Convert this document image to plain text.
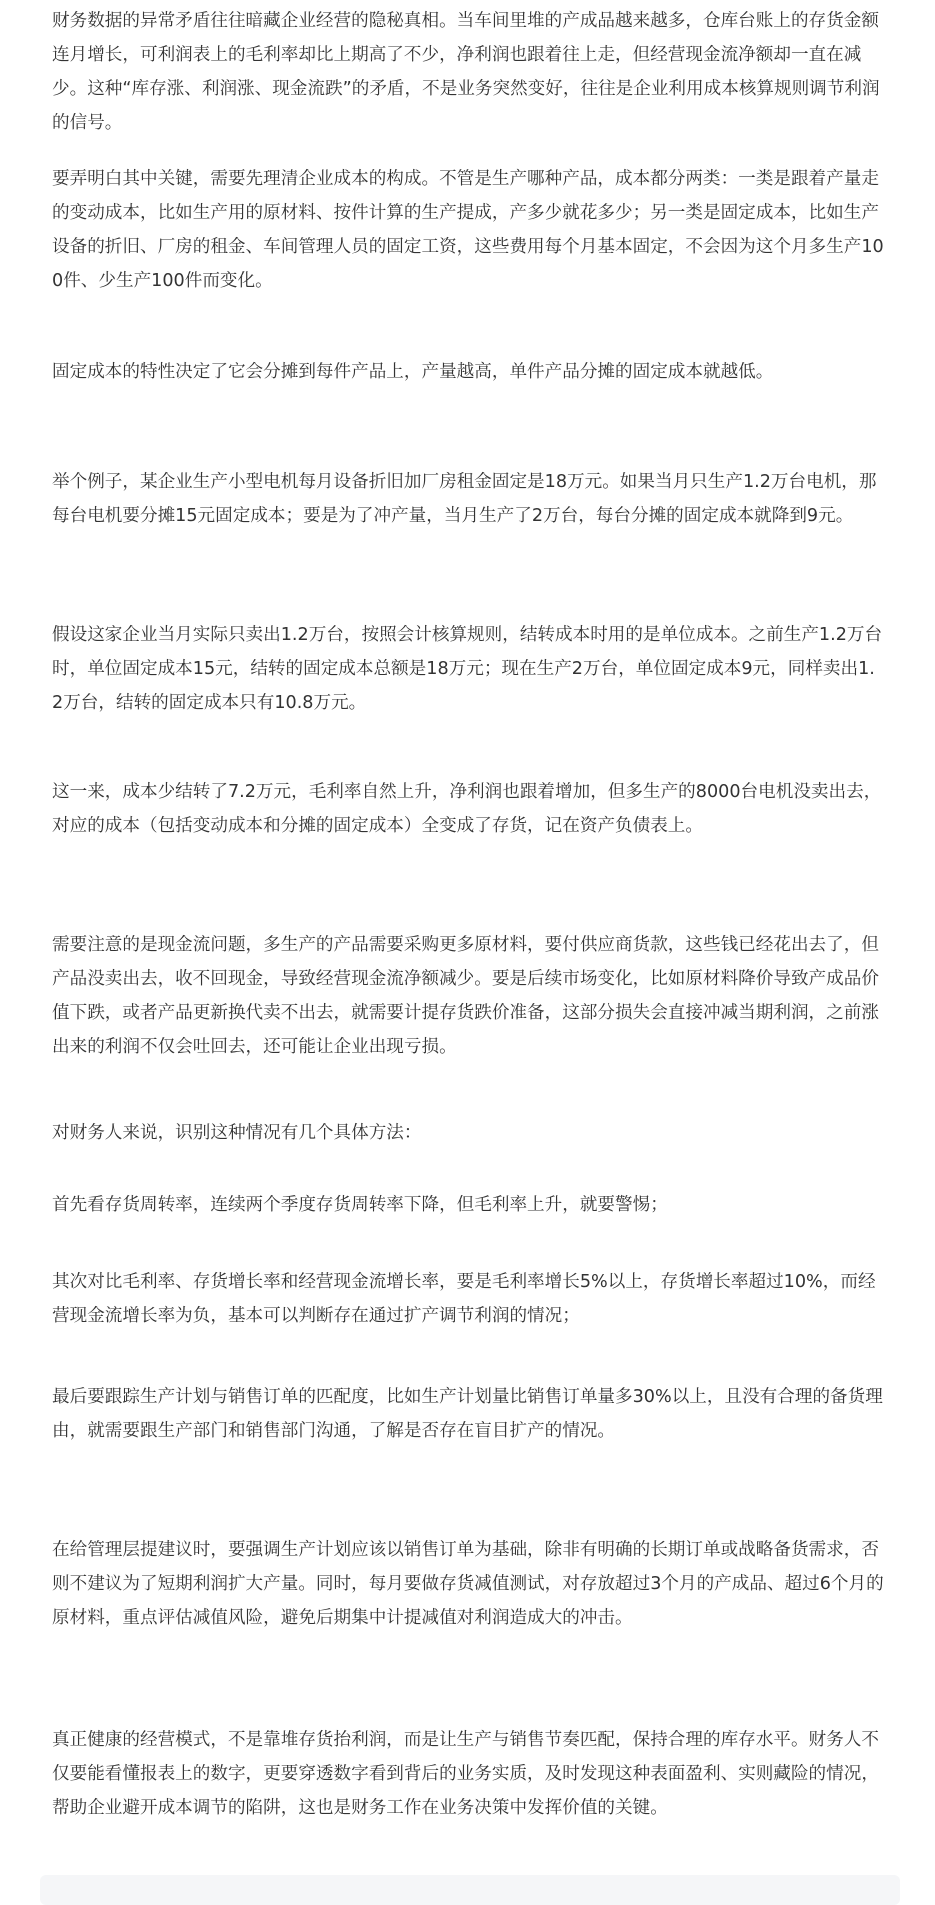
财务数据的异常矛盾往往暗藏企业经营的隐秘真相。当车间里堆的产成品越来越多，仓库台账上的存货金额连月增长，可利润表上的毛利率却比上期高了不少，净利润也跟着往上走，但经营现金流净额却一直在减少。这种“库存涨、利润涨、现金流跌”的矛盾，不是业务突然变好，往往是企业利用成本核算规则调节利润的信号。

要弄明白其中关键，需要先理清企业成本的构成。不管是生产哪种产品，成本都分两类：一类是跟着产量走的变动成本，比如生产用的原材料、按件计算的生产提成，产多少就花多少；另一类是固定成本，比如生产设备的折旧、厂房的租金、车间管理人员的固定工资，这些费用每个月基本固定，不会因为这个月多生产100件、少生产100件而变化。

固定成本的特性决定了它会分摊到每件产品上，产量越高，单件产品分摊的固定成本就越低。

举个例子，某企业生产小型电机每月设备折旧加厂房租金固定是18万元。如果当月只生产1.2万台电机，那每台电机要分摊15元固定成本；要是为了冲产量，当月生产了2万台，每台分摊的固定成本就降到9元。

假设这家企业当月实际只卖出1.2万台，按照会计核算规则，结转成本时用的是单位成本。之前生产1.2万台时，单位固定成本15元，结转的固定成本总额是18万元；现在生产2万台，单位固定成本9元，同样卖出1.2万台，结转的固定成本只有10.8万元。

这一来，成本少结转了7.2万元，毛利率自然上升，净利润也跟着增加，但多生产的8000台电机没卖出去，对应的成本（包括变动成本和分摊的固定成本）全变成了存货，记在资产负债表上。

需要注意的是现金流问题，多生产的产品需要采购更多原材料，要付供应商货款，这些钱已经花出去了，但产品没卖出去，收不回现金，导致经营现金流净额减少。要是后续市场变化，比如原材料降价导致产成品价值下跌，或者产品更新换代卖不出去，就需要计提存货跌价准备，这部分损失会直接冲减当期利润，之前涨出来的利润不仅会吐回去，还可能让企业出现亏损。

对财务人来说，识别这种情况有几个具体方法：

首先看存货周转率，连续两个季度存货周转率下降，但毛利率上升，就要警惕；

其次对比毛利率、存货增长率和经营现金流增长率，要是毛利率增长5%以上，存货增长率超过10%，而经营现金流增长率为负，基本可以判断存在通过扩产调节利润的情况；

最后要跟踪生产计划与销售订单的匹配度，比如生产计划量比销售订单量多30%以上，且没有合理的备货理由，就需要跟生产部门和销售部门沟通，了解是否存在盲目扩产的情况。

在给管理层提建议时，要强调生产计划应该以销售订单为基础，除非有明确的长期订单或战略备货需求，否则不建议为了短期利润扩大产量。同时，每月要做存货减值测试，对存放超过3个月的产成品、超过6个月的原材料，重点评估减值风险，避免后期集中计提减值对利润造成大的冲击。

真正健康的经营模式，不是靠堆存货抬利润，而是让生产与销售节奏匹配，保持合理的库存水平。财务人不仅要能看懂报表上的数字，更要穿透数字看到背后的业务实质，及时发现这种表面盈利、实则藏险的情况，帮助企业避开成本调节的陷阱，这也是财务工作在业务决策中发挥价值的关键。
